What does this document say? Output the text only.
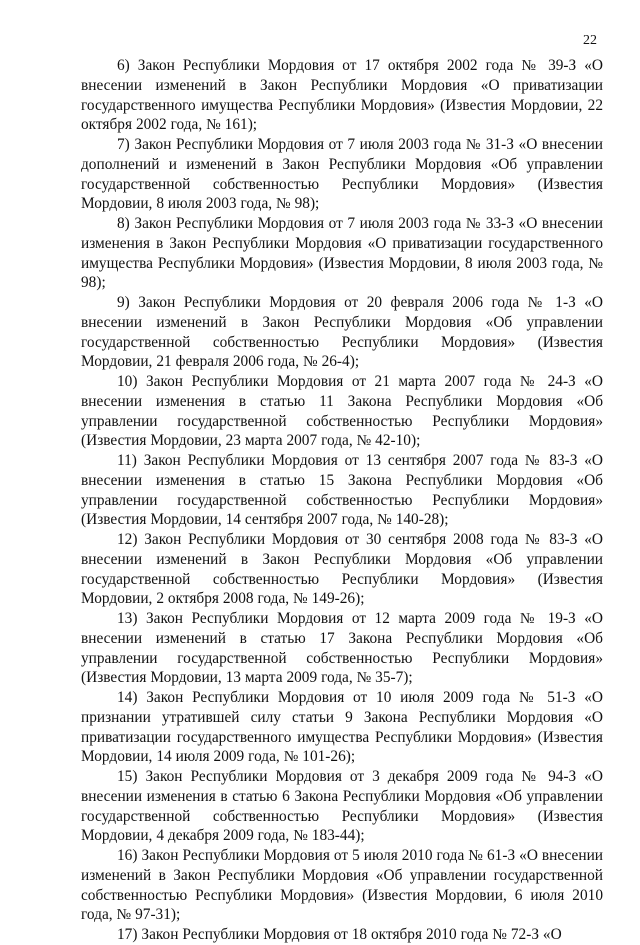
22

6) Закон Республики Мордовия от 17 октября 2002 года № 39-З «О внесении изменений в Закон Республики Мордовия «О приватизации государственного имущества Республики Мордовия» (Известия Мордовии, 22 октября 2002 года, № 161);

7) Закон Республики Мордовия от 7 июля 2003 года № 31-З «О внесении дополнений и изменений в Закон Республики Мордовия «Об управлении государственной собственностью Республики Мордовия» (Известия Мордовии, 8 июля 2003 года, № 98);

8) Закон Республики Мордовия от 7 июля 2003 года № 33-З «О внесении изменения в Закон Республики Мордовия «О приватизации государственного имущества Республики Мордовия» (Известия Мордовии, 8 июля 2003 года, № 98);

9) Закон Республики Мордовия от 20 февраля 2006 года № 1-З «О внесении изменений в Закон Республики Мордовия «Об управлении государственной собственностью Республики Мордовия» (Известия Мордовии, 21 февраля 2006 года, № 26-4);

10) Закон Республики Мордовия от 21 марта 2007 года № 24-З «О внесении изменения в статью 11 Закона Республики Мордовия «Об управлении государственной собственностью Республики Мордовия» (Известия Мордовии, 23 марта 2007 года, № 42-10);

11) Закон Республики Мордовия от 13 сентября 2007 года № 83-З «О внесении изменения в статью 15 Закона Республики Мордовия «Об управлении государственной собственностью Республики Мордовия» (Известия Мордовии, 14 сентября 2007 года, № 140-28);

12) Закон Республики Мордовия от 30 сентября 2008 года № 83-З «О внесении изменений в Закон Республики Мордовия «Об управлении государственной собственностью Республики Мордовия» (Известия Мордовии, 2 октября 2008 года, № 149-26);

13) Закон Республики Мордовия от 12 марта 2009 года № 19-З «О внесении изменений в статью 17 Закона Республики Мордовия «Об управлении государственной собственностью Республики Мордовия» (Известия Мордовии, 13 марта 2009 года, № 35-7);

14) Закон Республики Мордовия от 10 июля 2009 года № 51-З «О признании утратившей силу статьи 9 Закона Республики Мордовия «О приватизации государственного имущества Республики Мордовия» (Известия Мордовии, 14 июля 2009 года, № 101-26);

15) Закон Республики Мордовия от 3 декабря 2009 года № 94-З «О внесении изменения в статью 6 Закона Республики Мордовия «Об управлении государственной собственностью Республики Мордовия» (Известия Мордовии, 4 декабря 2009 года, № 183-44);

16) Закон Республики Мордовия от 5 июля 2010 года № 61-З «О внесении изменений в Закон Республики Мордовия «Об управлении государственной собственностью Республики Мордовия» (Известия Мордовии, 6 июля 2010 года, № 97-31);

17) Закон Республики Мордовия от 18 октября 2010 года № 72-З «О
